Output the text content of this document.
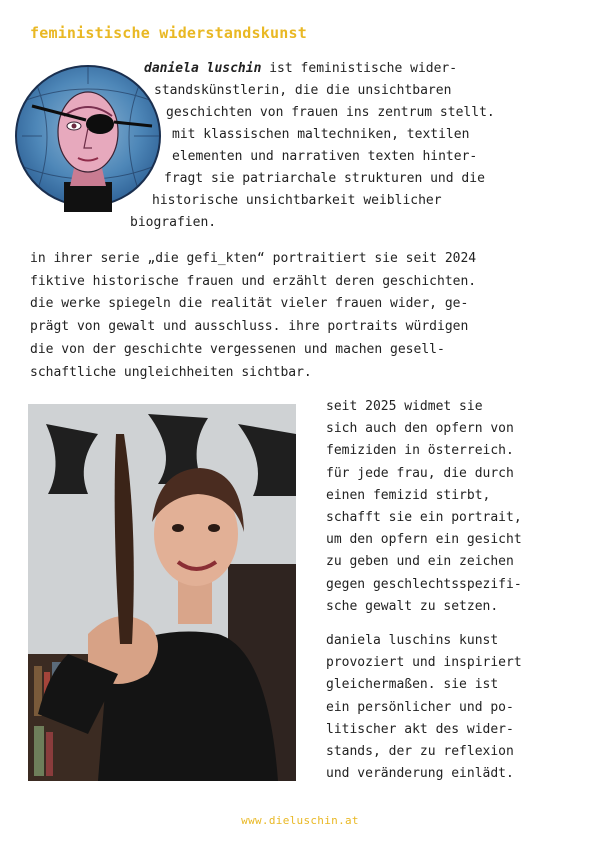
feministische widerstandskunst
daniela luschin ist feministische wider-
standskünstlerin, die die unsichtbaren
geschichten von frauen ins zentrum stellt.
mit klassischen maltechniken, textilen
elementen und narrativen texten hinter-
fragt sie patriarchale strukturen und die
historische unsichtbarkeit weiblicher
biografien.
in ihrer serie „die gefi_kten“ portraitiert sie seit 2024
fiktive historische frauen und erzählt deren geschichten.
die werke spiegeln die realität vieler frauen wider, ge-
prägt von gewalt und ausschluss. ihre portraits würdigen
die von der geschichte vergessenen und machen gesell-
schaftliche ungleichheiten sichtbar.
seit 2025 widmet sie
sich auch den opfern von
femiziden in österreich.
für jede frau, die durch
einen femizid stirbt,
schafft sie ein portrait,
um den opfern ein gesicht
zu geben und ein zeichen
gegen geschlechtsspezifi-
sche gewalt zu setzen.
daniela luschins kunst
provoziert und inspiriert
gleichermaßen. sie ist
ein persönlicher und po-
litischer akt des wider-
stands, der zu reflexion
und veränderung einlädt.
www.dieluschin.at
